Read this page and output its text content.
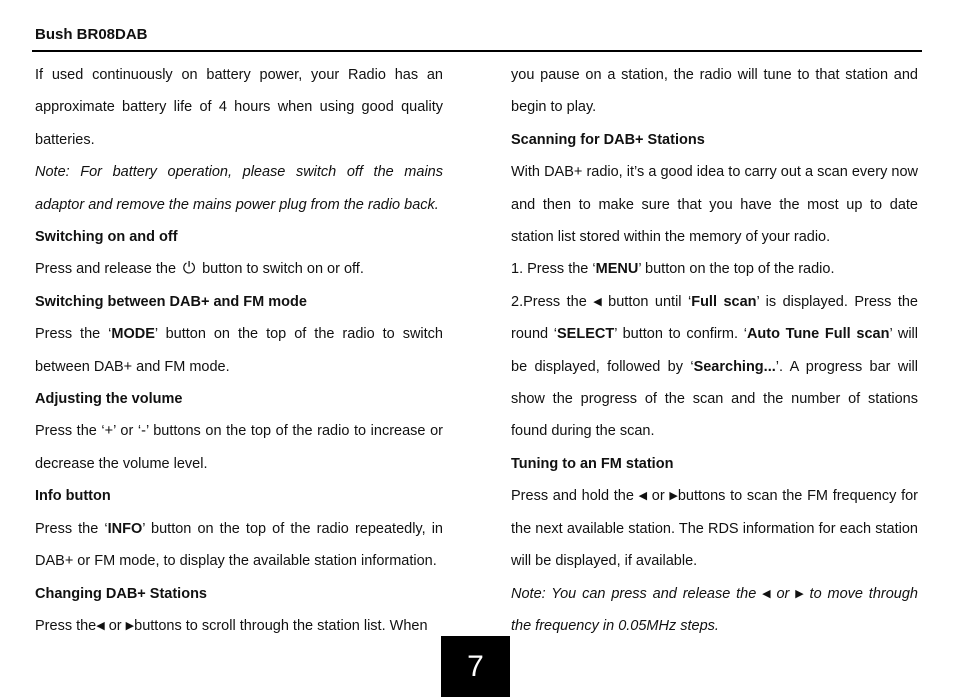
Bush BR08DAB

If used continuously on battery power, your Radio has an approximate battery life of 4 hours when using good quality batteries.

Note: For battery operation, please switch off the mains adaptor and remove the mains power plug from the radio back.

Switching on and off

Press and release the ⏻ button to switch on or off.

Switching between DAB+ and FM mode

Press the ‘MODE’ button on the top of the radio to switch between DAB+ and FM mode.

Adjusting the volume

Press the ‘+’ or ‘-’ buttons on the top of the radio to increase or decrease the volume level.

Info button

Press the ‘INFO’ button on the top of the radio repeatedly, in DAB+ or FM mode, to display the available station information.

Changing DAB+ Stations

Press the◀ or ▶buttons to scroll through the station list. When

you pause on a station, the radio will tune to that station and begin to play.

Scanning for DAB+ Stations

With DAB+ radio, it’s a good idea to carry out a scan every now and then to make sure that you have the most up to date station list stored within the memory of your radio.

1. Press the ‘MENU’ button on the top of the radio.

2.Press the ◀ button until ‘Full scan’ is displayed. Press the round ‘SELECT’ button to confirm. ‘Auto Tune Full scan’ will be displayed, followed by ‘Searching...’. A progress bar will show the progress of the scan and the number of stations found during the scan.

Tuning to an FM station

Press and hold the ◀ or ▶buttons to scan the FM frequency for the next available station. The RDS information for each station will be displayed, if available.

Note: You can press and release the ◀ or ▶ to move through the frequency in 0.05MHz steps.

7
